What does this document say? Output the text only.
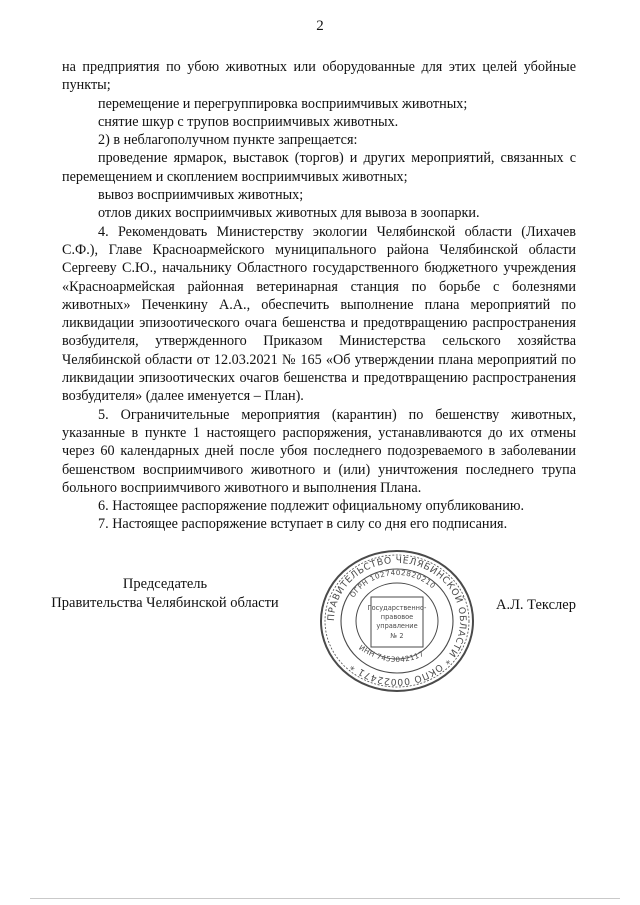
2

на предприятия по убою животных или оборудованные для этих целей убойные пункты;

перемещение и перегруппировка восприимчивых животных;

снятие шкур с трупов восприимчивых животных.

2) в неблагополучном пункте запрещается:

проведение ярмарок, выставок (торгов) и других мероприятий, связанных с перемещением и скоплением восприимчивых животных;

вывоз восприимчивых животных;

отлов диких восприимчивых животных для вывоза в зоопарки.

4. Рекомендовать Министерству экологии Челябинской области (Лихачев С.Ф.), Главе Красноармейского муниципального района Челябинской области Сергееву С.Ю., начальнику Областного государственного бюджетного учреждения «Красноармейская районная ветеринарная станция по борьбе с болезнями животных» Печенкину А.А., обеспечить выполнение плана мероприятий по ликвидации эпизоотического очага бешенства и предотвращению распространения возбудителя, утвержденного Приказом Министерства сельского хозяйства Челябинской области от 12.03.2021 № 165 «Об утверждении плана мероприятий по ликвидации эпизоотических очагов бешенства и предотвращению распространения возбудителя» (далее именуется – План).

5. Ограничительные мероприятия (карантин) по бешенству животных, указанные в пункте 1 настоящего распоряжения, устанавливаются до их отмены через 60 календарных дней после убоя последнего подозреваемого в заболевании бешенством восприимчивого животного и (или) уничтожения последнего трупа больного восприимчивого животного и выполнения Плана.

6. Настоящее распоряжение подлежит официальному опубликованию.

7. Настоящее распоряжение вступает в силу со дня его подписания.

Председатель
Правительства Челябинской области	А.Л. Текслер
ПРАВИТЕЛЬСТВО ЧЕЛЯБИНСКОЙ ОБЛАСТИ * ОКПО 00022471 *
ОГРН 1027402820210
ИНН 7453042117
Государственно-
правовое
управление
№ 2
